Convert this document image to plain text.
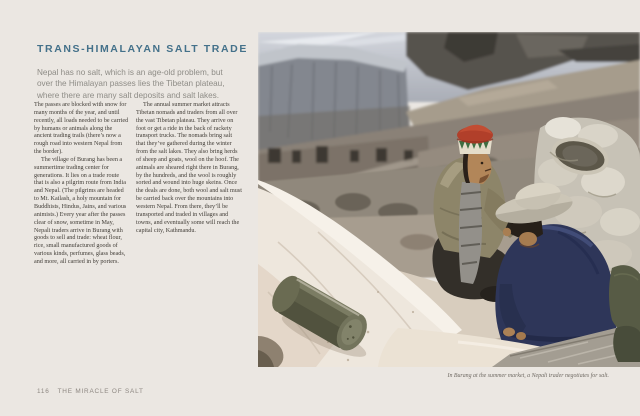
TRANS-HIMALAYAN SALT TRADE

Nepal has no salt, which is an age-old problem, but over the Himalayan passes lies the Tibetan plateau, where there are many salt deposits and salt lakes.

The passes are blocked with snow for many months of the year, and until recently, all loads needed to be carried by humans or animals along the ancient trading trails (there’s now a rough road into western Nepal from the border).

The village of Burang has been a summertime trading center for generations. It lies on a trade route that is also a pilgrim route from India and Nepal. (The pilgrims are headed to Mt. Kailash, a holy mountain for Buddhists, Hindus, Jains, and various animists.) Every year after the passes clear of snow, sometime in May, Nepali traders arrive in Burang with goods to sell and trade: wheat flour, rice, small manufactured goods of various kinds, perfumes, glass beads, and more, all carried in by porters.

The annual summer market attracts Tibetan nomads and traders from all over the vast Tibetan plateau. They arrive on foot or get a ride in the back of rackety transport trucks. The nomads bring salt that they’ve gathered during the winter from the salt lakes. They also bring herds of sheep and goats, wool on the hoof. The animals are sheared right there in Burang, by the hundreds, and the wool is roughly sorted and wound into huge skeins. Once the deals are done, both wool and salt must be carried back over the mountains into western Nepal. From there, they’ll be transported and traded in villages and towns, and eventually some will reach the capital city, Kathmandu.

116 THE MIRACLE OF SALT
In Burang at the summer market, a Nepali trader negotiates for salt.
